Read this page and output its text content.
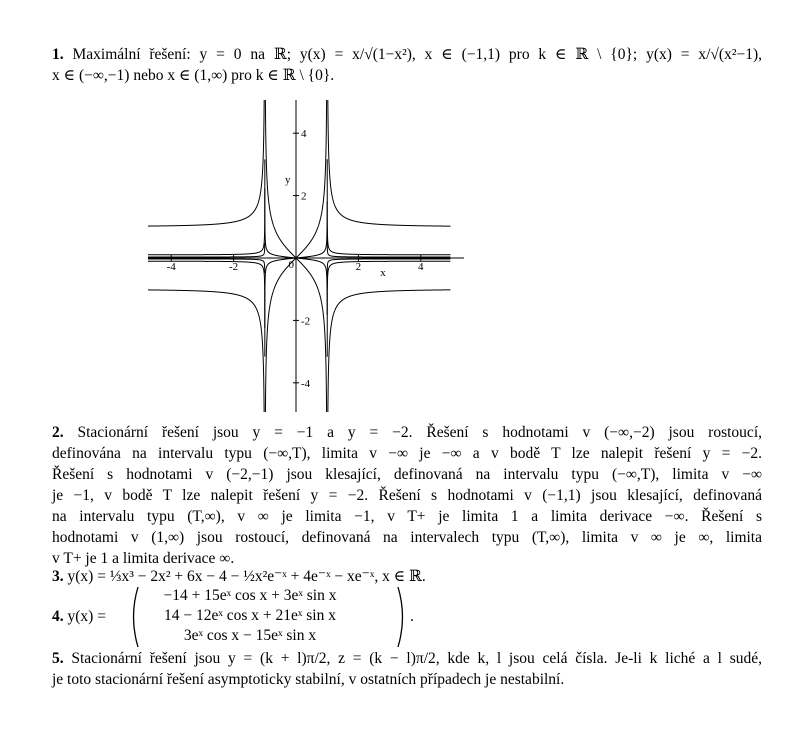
1. Maximální řešení: y = 0 na ℝ; y(x) = x/√(1−x²), x ∈ (−1,1) pro k ∈ ℝ \ {0}; y(x) = x/√(x²−1),
x ∈ (−∞,−1) nebo x ∈ (1,∞) pro k ∈ ℝ \ {0}.
-4	-2	0	2	4
4
2
-2
-4
x
y
2. Stacionární řešení jsou y = −1 a y = −2. Řešení s hodnotami v (−∞,−2) jsou rostoucí,
definována na intervalu typu (−∞,T), limita v −∞ je −∞ a v bodě T lze nalepit řešení y = −2.
Řešení s hodnotami v (−2,−1) jsou klesající, definovaná na intervalu typu (−∞,T), limita v −∞
je −1, v bodě T lze nalepit řešení y = −2. Řešení s hodnotami v (−1,1) jsou klesající, definovaná
na intervalu typu (T,∞), v ∞ je limita −1, v T+ je limita 1 a limita derivace −∞. Řešení s
hodnotami v (1,∞) jsou rostoucí, definovaná na intervalech typu (T,∞), limita v ∞ je ∞, limita
v T+ je 1 a limita derivace ∞.
3. y(x) = ⅓x³ − 2x² + 6x − 4 − ½x²e⁻ˣ + 4e⁻ˣ − xe⁻ˣ, x ∈ ℝ.
4. y(x) =
−14 + 15eˣ cos x + 3eˣ sin x
14 − 12eˣ cos x + 21eˣ sin x
3eˣ cos x − 15eˣ sin x
.
5. Stacionární řešení jsou y = (k + l)π/2, z = (k − l)π/2, kde k, l jsou celá čísla. Je-li k liché a l sudé,
je toto stacionární řešení asymptoticky stabilní, v ostatních případech je nestabilní.
